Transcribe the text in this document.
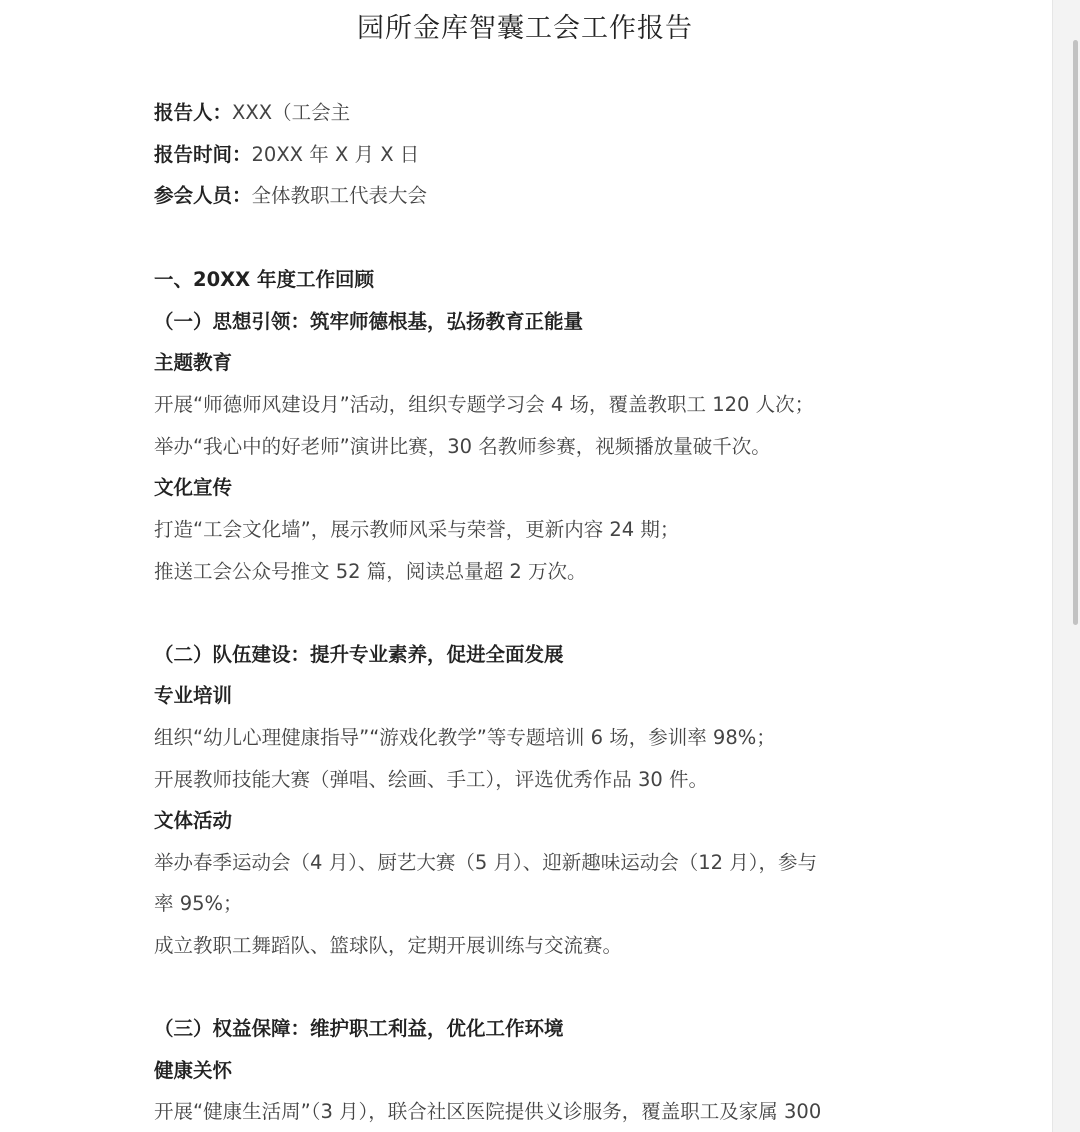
园所金库智囊工会工作报告

报告人：XXX（工会主

报告时间：20XX 年 X 月 X 日

参会人员：全体教职工代表大会

一、20XX 年度工作回顾

（一）思想引领：筑牢师德根基，弘扬教育正能量

主题教育

开展“师德师风建设月”活动，组织专题学习会 4 场，覆盖教职工 120 人次；

举办“我心中的好老师”演讲比赛，30 名教师参赛，视频播放量破千次。

文化宣传

打造“工会文化墙”，展示教师风采与荣誉，更新内容 24 期；

推送工会公众号推文 52 篇，阅读总量超 2 万次。

（二）队伍建设：提升专业素养，促进全面发展

专业培训

组织“幼儿心理健康指导”“游戏化教学”等专题培训 6 场，参训率 98%；

开展教师技能大赛（弹唱、绘画、手工），评选优秀作品 30 件。

文体活动

举办春季运动会（4 月）、厨艺大赛（5 月）、迎新趣味运动会（12 月），参与

率 95%；

成立教职工舞蹈队、篮球队，定期开展训练与交流赛。

（三）权益保障：维护职工利益，优化工作环境

健康关怀

开展“健康生活周”（3 月），联合社区医院提供义诊服务，覆盖职工及家属 300
